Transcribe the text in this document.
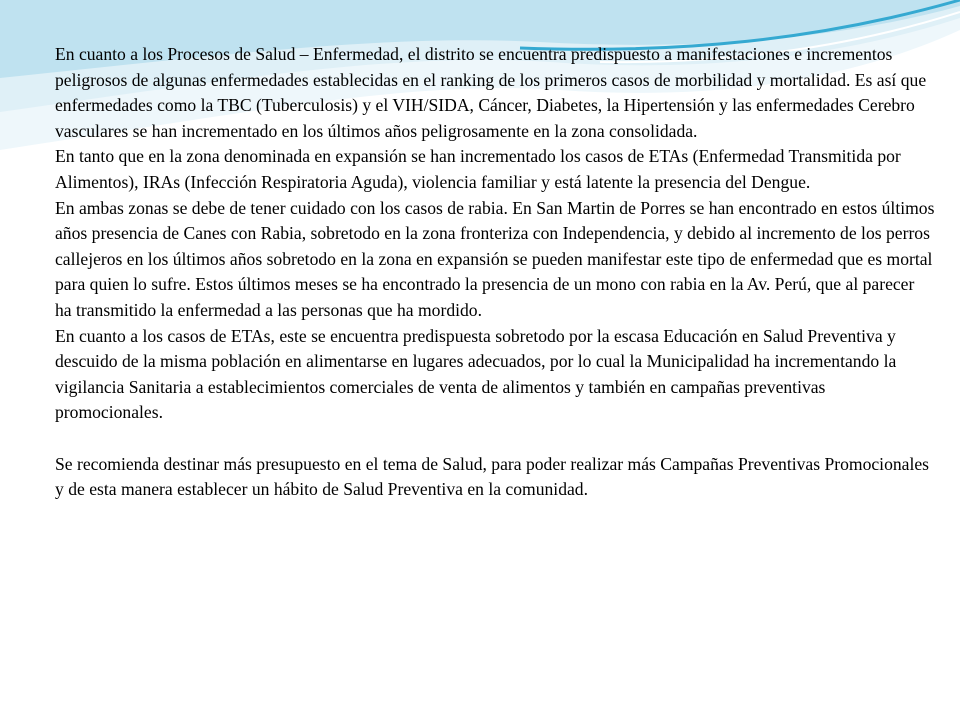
En cuanto a los Procesos de Salud – Enfermedad, el distrito se encuentra predispuesto a manifestaciones e incrementos peligrosos de algunas enfermedades establecidas en el ranking de los primeros casos de morbilidad y mortalidad. Es así que enfermedades como la TBC (Tuberculosis) y el VIH/SIDA, Cáncer, Diabetes, la Hipertensión y las enfermedades Cerebro vasculares se han incrementado en los últimos años peligrosamente en la zona consolidada.

En tanto que en la zona denominada en expansión se han incrementado los casos de ETAs (Enfermedad Transmitida por Alimentos), IRAs (Infección Respiratoria Aguda), violencia familiar y está latente la presencia del Dengue.

En ambas zonas se debe de tener cuidado con los casos de rabia. En San Martin de Porres se han encontrado en estos últimos años presencia de Canes con Rabia, sobretodo en la zona fronteriza con Independencia, y debido al incremento de los perros callejeros en los últimos años sobretodo en la zona en expansión se pueden manifestar este tipo de enfermedad que es mortal para quien lo sufre. Estos últimos meses se ha encontrado la presencia de un mono con rabia en la Av. Perú, que al parecer ha transmitido la enfermedad a las personas que ha mordido.

En cuanto a los casos de ETAs, este se encuentra predispuesta sobretodo por la escasa Educación en Salud Preventiva y descuido de la misma población en alimentarse en lugares adecuados, por lo cual la Municipalidad ha incrementando la vigilancia Sanitaria a establecimientos comerciales de venta de alimentos y también en campañas preventivas promocionales.

Se recomienda destinar más presupuesto en el tema de Salud, para poder realizar más Campañas Preventivas Promocionales y de esta manera establecer un hábito de Salud Preventiva en la comunidad.
